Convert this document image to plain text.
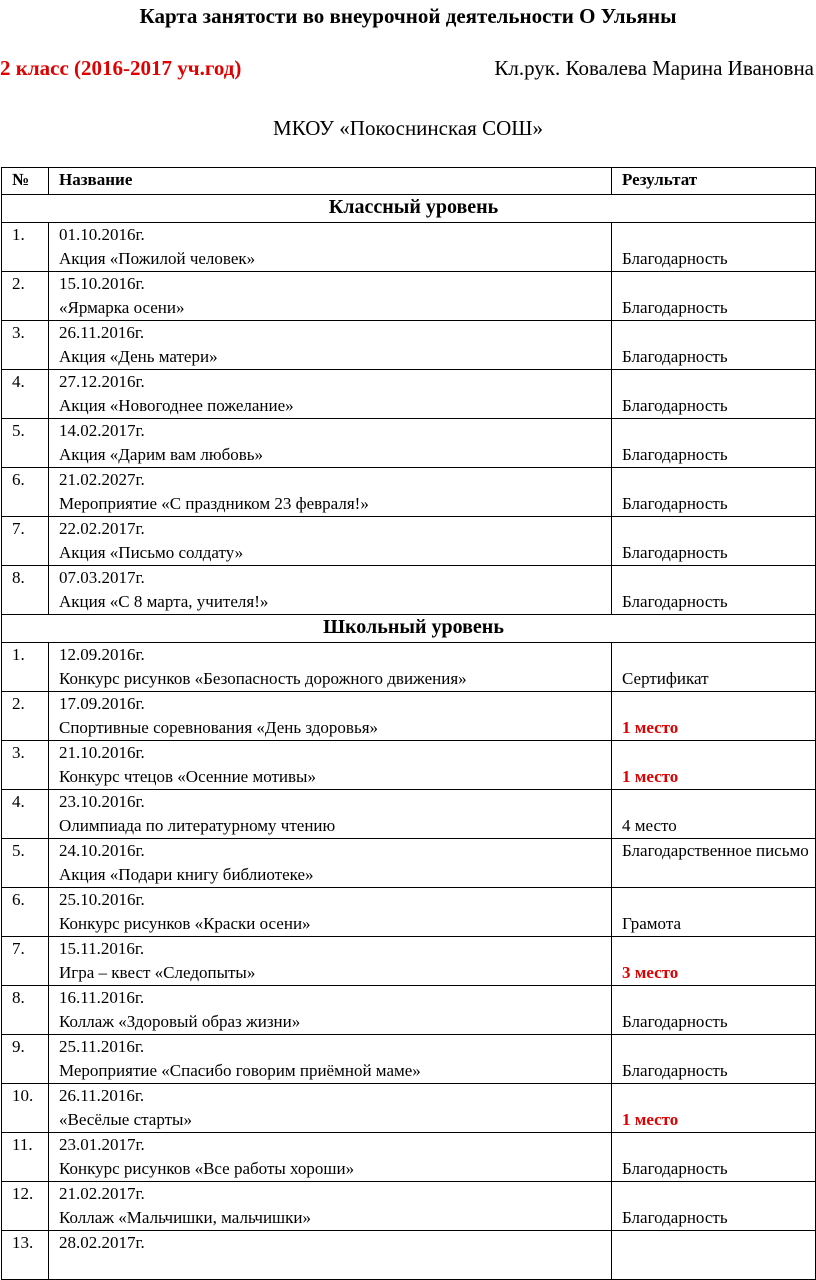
Карта занятости во внеурочной деятельности О Ульяны
2 класс (2016-2017 уч.год)	Кл.рук. Ковалева Марина Ивановна
МКОУ «Покоснинская СОШ»
№	Название	Результат
Классный уровень		
1.	01.10.2016г.
Акция «Пожилой человек»	Благодарность
2.	15.10.2016г.
«Ярмарка осени»	Благодарность
3.	26.11.2016г.
Акция «День матери»	Благодарность
4.	27.12.2016г.
Акция «Новогоднее пожелание»	Благодарность
5.	14.02.2017г.
Акция «Дарим вам любовь»	Благодарность
6.	21.02.2027г.
Мероприятие «С праздником 23 февраля!»	Благодарность
7.	22.02.2017г.
Акция «Письмо солдату»	Благодарность
8.	07.03.2017г.
Акция «С 8 марта, учителя!»	Благодарность
Школьный уровень		
1.	12.09.2016г.
Конкурс рисунков «Безопасность дорожного движения»	Сертификат
2.	17.09.2016г.
Спортивные соревнования «День здоровья»	1 место
3.	21.10.2016г.
Конкурс чтецов «Осенние мотивы»	1 место
4.	23.10.2016г.
Олимпиада по литературному чтению	4 место
5.	24.10.2016г.
Акция «Подари книгу библиотеке»	Благодарственное письмо
6.	25.10.2016г.
Конкурс рисунков «Краски осени»	Грамота
7.	15.11.2016г.
Игра – квест «Следопыты»	3 место
8.	16.11.2016г.
Коллаж «Здоровый образ жизни»	Благодарность
9.	25.11.2016г.
Мероприятие «Спасибо говорим приёмной маме»	Благодарность
10.	26.11.2016г.
«Весёлые старты»	1 место
11.	23.01.2017г.
Конкурс рисунков «Все работы хороши»	Благодарность
12.	21.02.2017г.
Коллаж «Мальчишки, мальчишки»	Благодарность
13.	28.02.2017г.	
